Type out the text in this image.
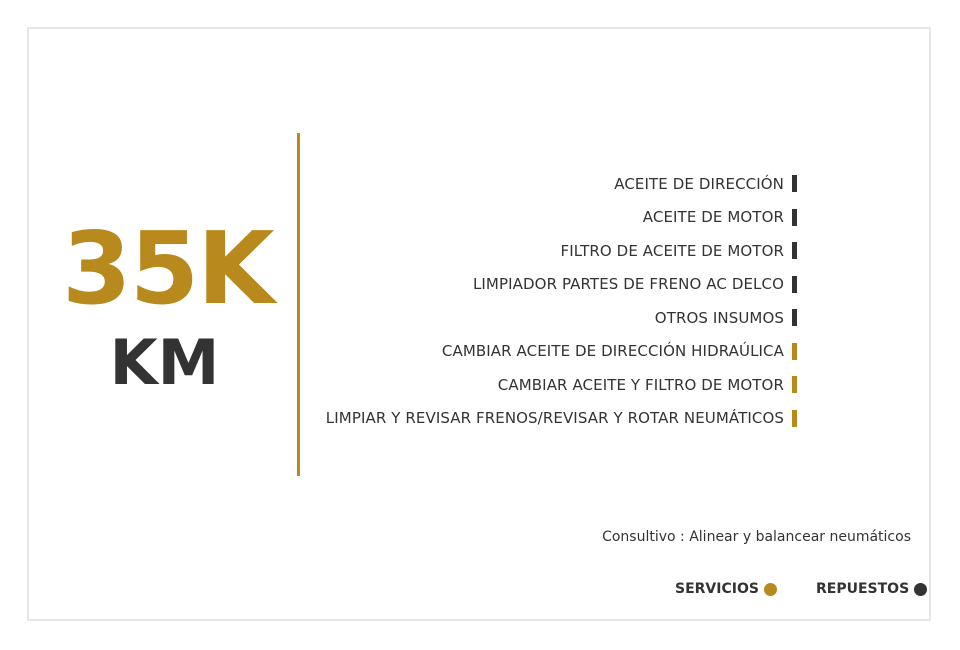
35K
KM
ACEITE DE DIRECCIÓN
ACEITE DE MOTOR
FILTRO DE ACEITE DE MOTOR
LIMPIADOR PARTES DE FRENO AC DELCO
OTROS INSUMOS
CAMBIAR ACEITE DE DIRECCIÓN HIDRAÚLICA
CAMBIAR ACEITE Y FILTRO DE MOTOR
LIMPIAR Y REVISAR FRENOS/REVISAR Y ROTAR NEUMÁTICOS
Consultivo : Alinear y balancear neumáticos
SERVICIOS	REPUESTOS
